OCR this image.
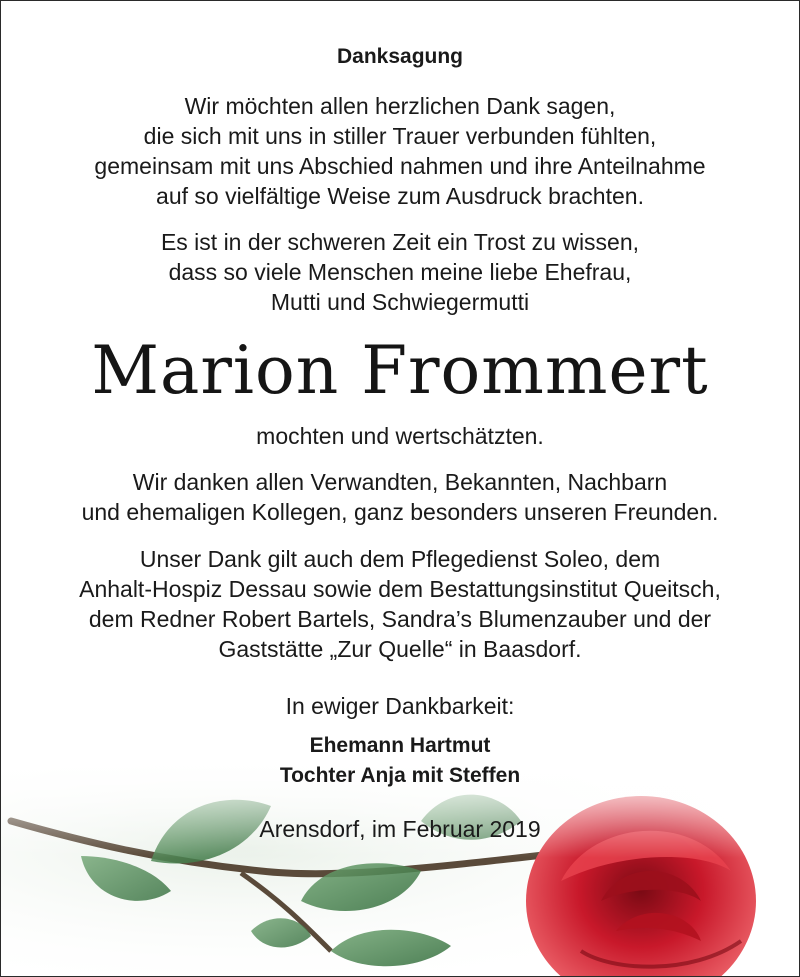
Danksagung
Wir möchten allen herzlichen Dank sagen,
die sich mit uns in stiller Trauer verbunden fühlten,
gemeinsam mit uns Abschied nahmen und ihre Anteilnahme
auf so vielfältige Weise zum Ausdruck brachten.
Es ist in der schweren Zeit ein Trost zu wissen,
dass so viele Menschen meine liebe Ehefrau,
Mutti und Schwiegermutti
Marion Frommert
mochten und wertschätzten.
Wir danken allen Verwandten, Bekannten, Nachbarn
und ehemaligen Kollegen, ganz besonders unseren Freunden.
Unser Dank gilt auch dem Pflegedienst Soleo, dem
Anhalt-Hospiz Dessau sowie dem Bestattungsinstitut Queitsch,
dem Redner Robert Bartels, Sandra’s Blumenzauber und der
Gaststätte „Zur Quelle“ in Baasdorf.
In ewiger Dankbarkeit:
Ehemann Hartmut
Tochter Anja mit Steffen
Arensdorf, im Februar 2019
